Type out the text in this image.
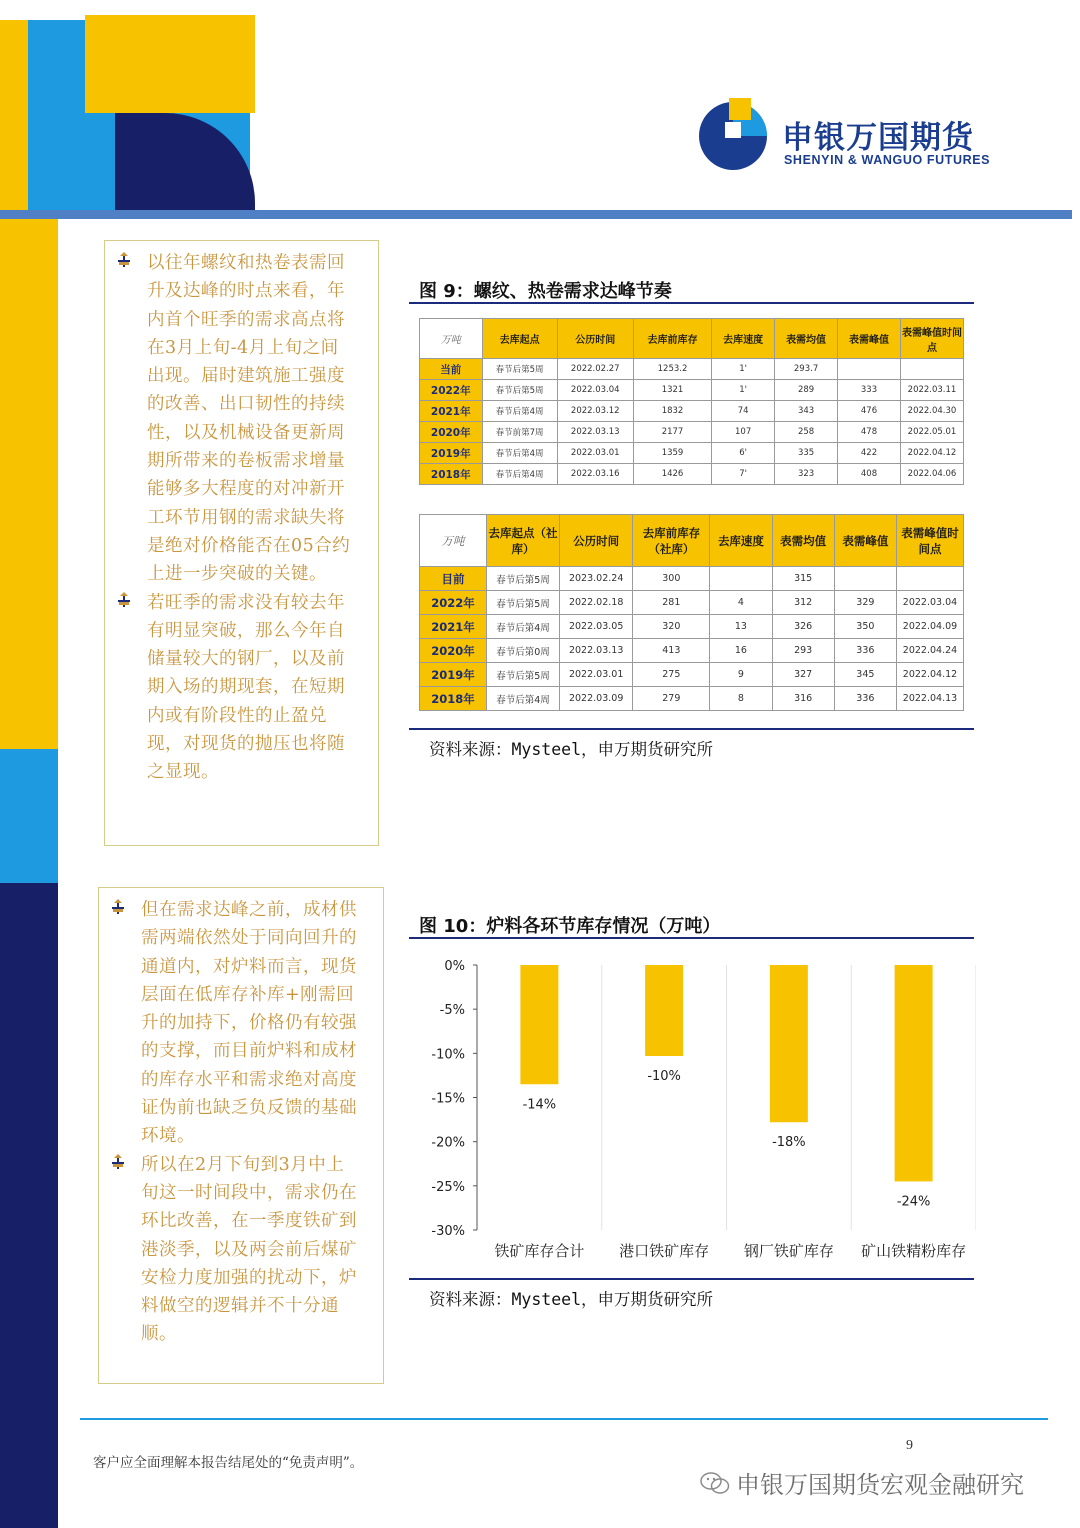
申银万国期货
SHENYIN & WANGUO FUTURES
以往年螺纹和热卷表需回升及达峰的时点来看，年内首个旺季的需求高点将在3月上旬-4月上旬之间出现。届时建筑施工强度的改善、出口韧性的持续性，以及机械设备更新周期所带来的卷板需求增量能够多大程度的对冲新开工环节用钢的需求缺失将是绝对价格能否在05合约上进一步突破的关键。
若旺季的需求没有较去年有明显突破，那么今年自储量较大的钢厂，以及前期入场的期现套，在短期内或有阶段性的止盈兑现，对现货的抛压也将随之显现。
图 9：螺纹、热卷需求达峰节奏
万吨	去库起点	公历时间	去库前库存	去库速度	表需均值	表需峰值	表需峰值时间点
当前	春节后第5周	2022.02.27	1253.2	1'	293.7		
2022年	春节后第5周	2022.03.04	1321	1'	289	333	2022.03.11
2021年	春节后第4周	2022.03.12	1832	74	343	476	2022.04.30
2020年	春节前第7周	2022.03.13	2177	107	258	478	2022.05.01
2019年	春节后第4周	2022.03.01	1359	6'	335	422	2022.04.12
2018年	春节后第4周	2022.03.16	1426	7'	323	408	2022.04.06
万吨	去库起点（社库）	公历时间	去库前库存（社库）	去库速度	表需均值	表需峰值	表需峰值时间点
目前	春节后第5周	2023.02.24	300		315		
2022年	春节后第5周	2022.02.18	281	4	312	329	2022.03.04
2021年	春节后第4周	2022.03.05	320	13	326	350	2022.04.09
2020年	春节后第0周	2022.03.13	413	16	293	336	2022.04.24
2019年	春节后第5周	2022.03.01	275	9	327	345	2022.04.12
2018年	春节后第4周	2022.03.09	279	8	316	336	2022.04.13
资料来源：Mysteel，申万期货研究所
但在需求达峰之前，成材供需两端依然处于同向回升的通道内，对炉料而言，现货层面在低库存补库+刚需回升的加持下，价格仍有较强的支撑，而目前炉料和成材的库存水平和需求绝对高度证伪前也缺乏负反馈的基础环境。
所以在2月下旬到3月中上旬这一时间段中，需求仍在环比改善，在一季度铁矿到港淡季，以及两会前后煤矿安检力度加强的扰动下，炉料做空的逻辑并不十分通顺。
图 10：炉料各环节库存情况（万吨）
0%
-5%
-10%
-15%
-20%
-25%
-30%
-14%
铁矿库存合计
-10%
港口铁矿库存
-18%
钢厂铁矿库存
-24%
矿山铁精粉库存
资料来源：Mysteel，申万期货研究所
9
客户应全面理解本报告结尾处的“免责声明”。
申银万国期货宏观金融研究
